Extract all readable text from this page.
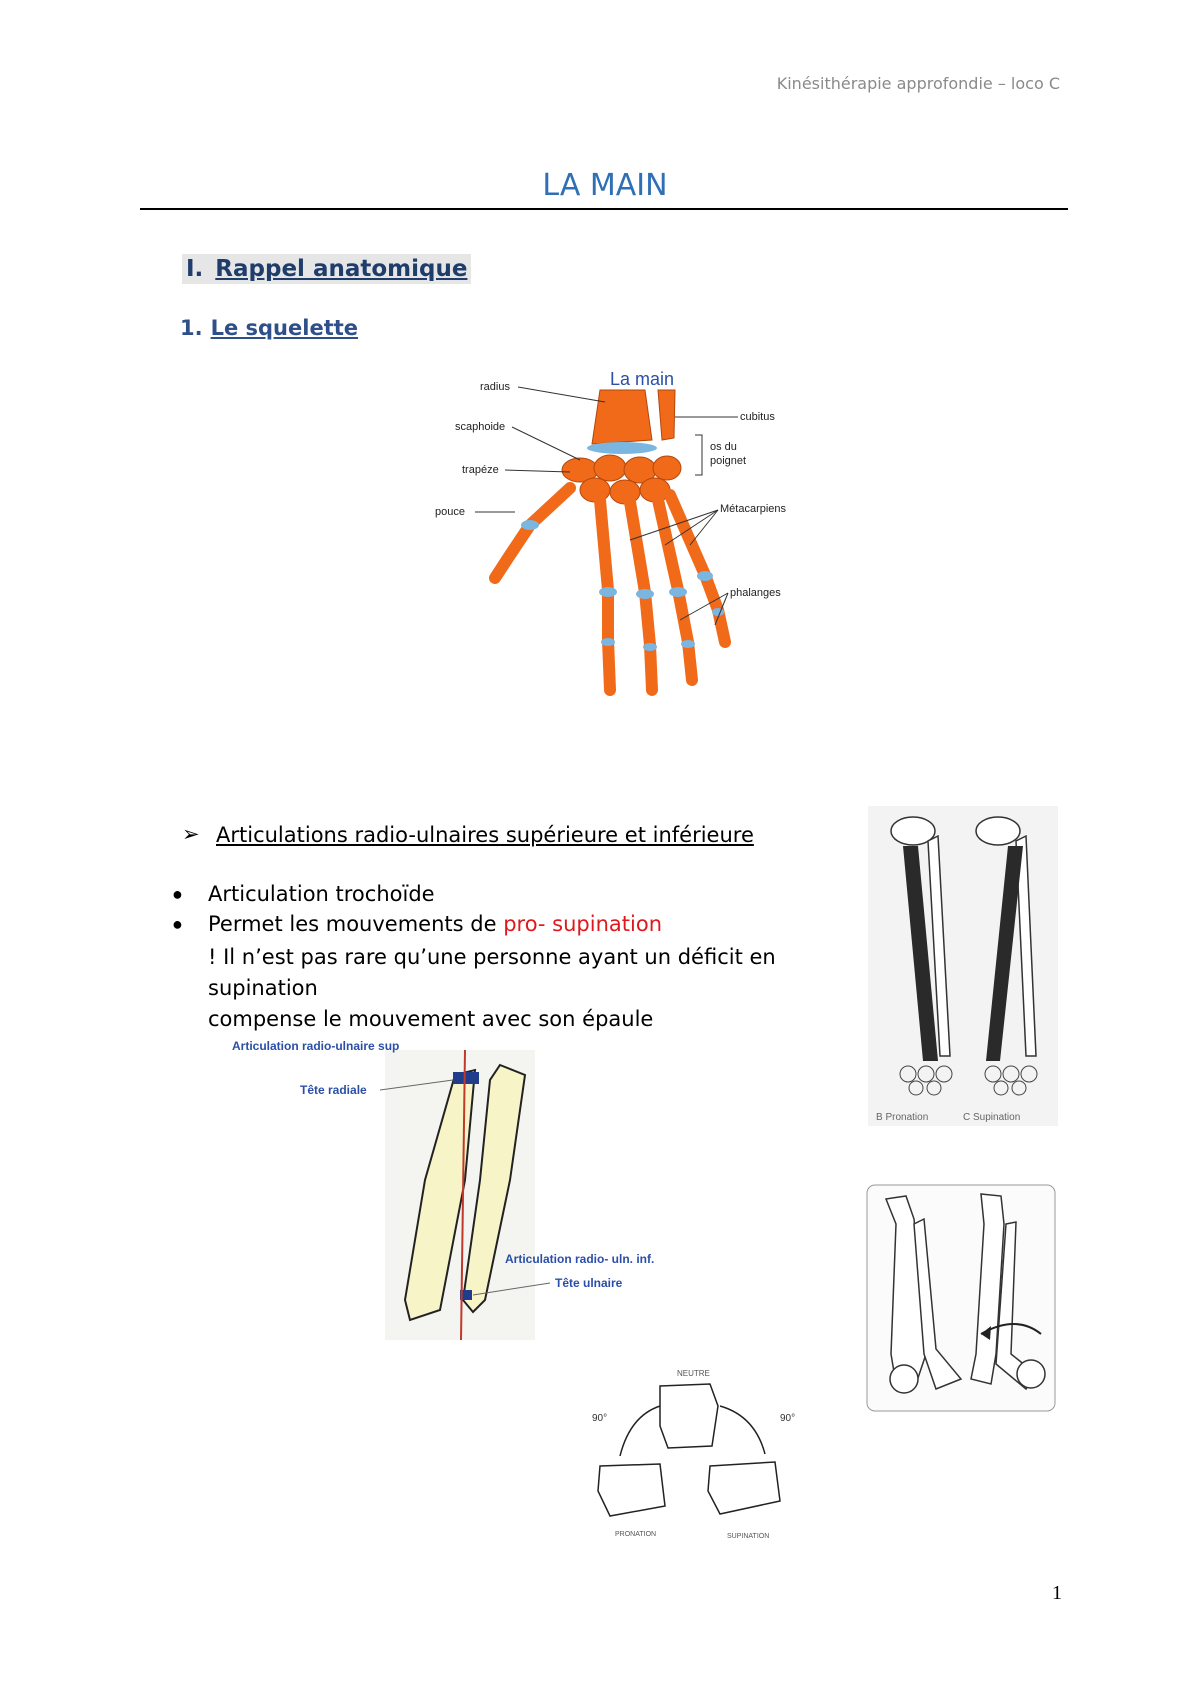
Kinésithérapie approfondie – loco C
LA MAIN
I. Rappel anatomique
1. Le squelette
La main
radius
cubitus
scaphoide
os du
poignet
trapéze
pouce	Métacarpiens
phalanges
➢ Articulations radio-ulnaires supérieure et inférieure
● Articulation trochoïde
● Permet les mouvements de pro- supination
! Il n’est pas rare qu’une personne ayant un déficit en supination
compense le mouvement avec son épaule
B Pronation	C Supination
Articulation radio-ulnaire sup
Tête radiale
Articulation radio- uln. inf.
Tête ulnaire
NEUTRE
90°	90°
PRONATION	SUPINATION
1
